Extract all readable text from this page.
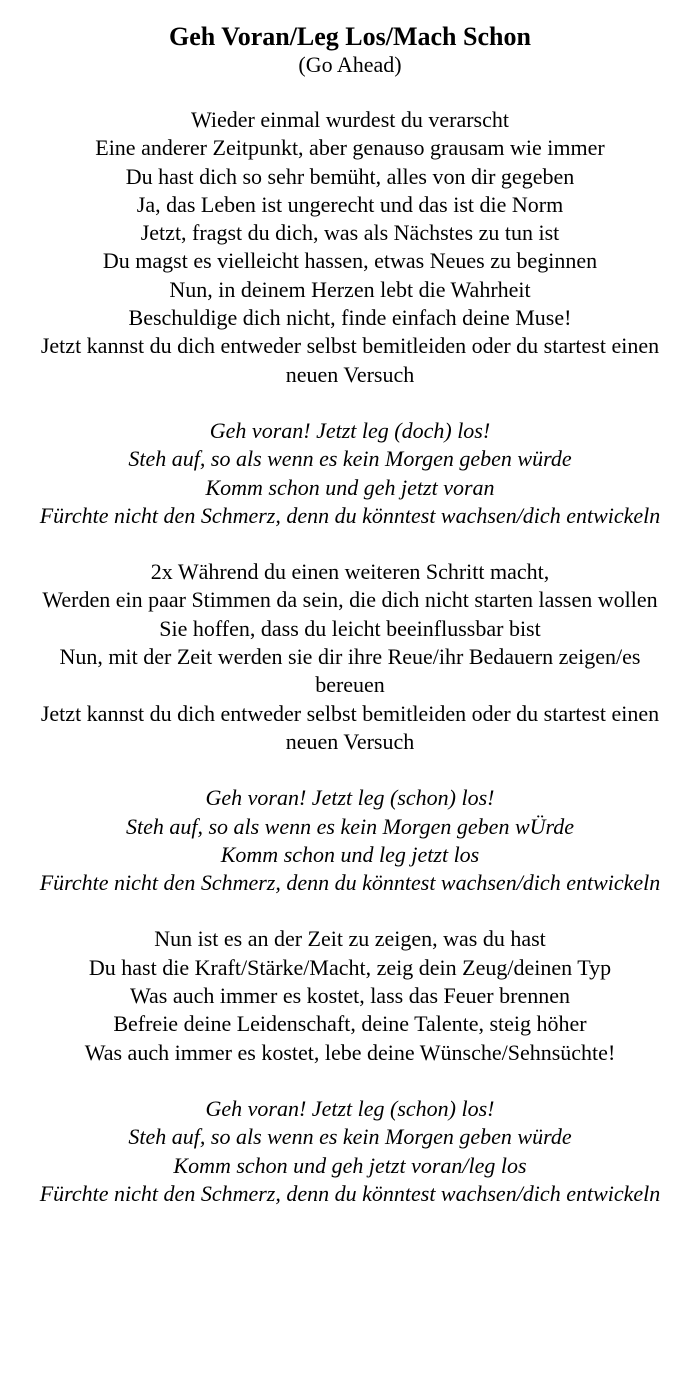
Geh Voran/Leg Los/Mach Schon
(Go Ahead)
Wieder einmal wurdest du verarscht
Eine anderer Zeitpunkt, aber genauso grausam wie immer
Du hast dich so sehr bemüht, alles von dir gegeben
Ja, das Leben ist ungerecht und das ist die Norm
Jetzt, fragst du dich, was als Nächstes zu tun ist
Du magst es vielleicht hassen, etwas Neues zu beginnen
Nun, in deinem Herzen lebt die Wahrheit
Beschuldige dich nicht, finde einfach deine Muse!
Jetzt kannst du dich entweder selbst bemitleiden oder du startest einen neuen Versuch
Geh voran! Jetzt leg (doch) los!
Steh auf, so als wenn es kein Morgen geben würde
Komm schon und geh jetzt voran
Fürchte nicht den Schmerz, denn du könntest wachsen/dich entwickeln
2x Während du einen weiteren Schritt macht,
Werden ein paar Stimmen da sein, die dich nicht starten lassen wollen
Sie hoffen, dass du leicht beeinflussbar bist
Nun, mit der Zeit werden sie dir ihre Reue/ihr Bedauern zeigen/es bereuen
Jetzt kannst du dich entweder selbst bemitleiden oder du startest einen neuen Versuch
Geh voran! Jetzt leg (schon) los!
Steh auf, so als wenn es kein Morgen geben wÜrde
Komm schon und leg jetzt los
Fürchte nicht den Schmerz, denn du könntest wachsen/dich entwickeln
Nun ist es an der Zeit zu zeigen, was du hast
Du hast die Kraft/Stärke/Macht, zeig dein Zeug/deinen Typ
Was auch immer es kostet, lass das Feuer brennen
Befreie deine Leidenschaft, deine Talente, steig höher
Was auch immer es kostet, lebe deine Wünsche/Sehnsüchte!
Geh voran! Jetzt leg (schon) los!
Steh auf, so als wenn es kein Morgen geben würde
Komm schon und geh jetzt voran/leg los
Fürchte nicht den Schmerz, denn du könntest wachsen/dich entwickeln
